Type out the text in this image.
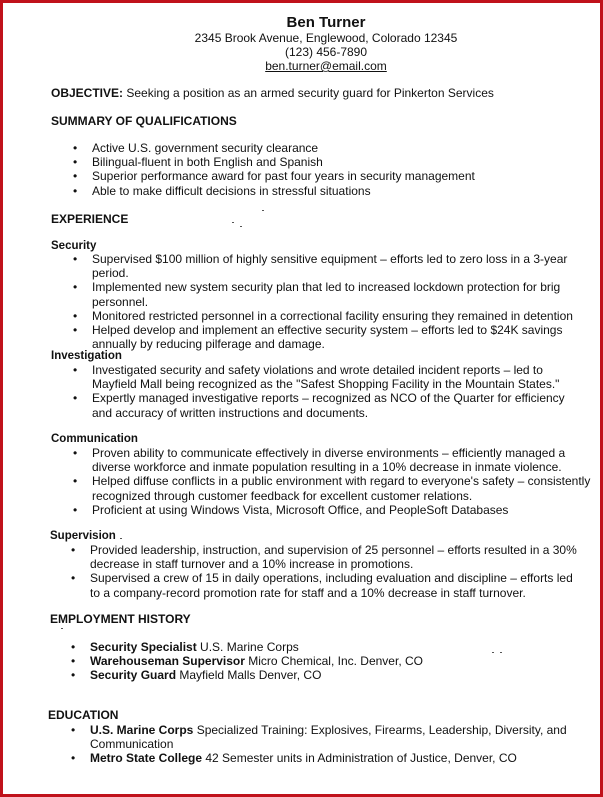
Ben Turner
2345 Brook Avenue, Englewood, Colorado 12345
(123) 456-7890
ben.turner@email.com
OBJECTIVE: Seeking a position as an armed security guard for Pinkerton Services
SUMMARY OF QUALIFICATIONS
• Active U.S. government security clearance
• Bilingual-fluent in both English and Spanish
• Superior performance award for past four years in security management
• Able to make difficult decisions in stressful situations
EXPERIENCE
Security
• Supervised $100 million of highly sensitive equipment – efforts led to zero loss in a 3-year period.
• Implemented new system security plan that led to increased lockdown protection for brig personnel.
• Monitored restricted personnel in a correctional facility ensuring they remained in detention
• Helped develop and implement an effective security system – efforts led to $24K savings annually by reducing pilferage and damage.
Investigation
• Investigated security and safety violations and wrote detailed incident reports – led to Mayfield Mall being recognized as the "Safest Shopping Facility in the Mountain States."
• Expertly managed investigative reports – recognized as NCO of the Quarter for efficiency and accuracy of written instructions and documents.
Communication
• Proven ability to communicate effectively in diverse environments – efficiently managed a diverse workforce and inmate population resulting in a 10% decrease in inmate violence.
• Helped diffuse conflicts in a public environment with regard to everyone's safety – consistently recognized through customer feedback for excellent customer relations.
• Proficient at using Windows Vista, Microsoft Office, and PeopleSoft Databases
Supervision
• Provided leadership, instruction, and supervision of 25 personnel – efforts resulted in a 30% decrease in staff turnover and a 10% increase in promotions.
• Supervised a crew of 15 in daily operations, including evaluation and discipline – efforts led to a company-record promotion rate for staff and a 10% decrease in staff turnover.
EMPLOYMENT HISTORY
• Security Specialist U.S. Marine Corps
• Warehouseman Supervisor Micro Chemical, Inc. Denver, CO
• Security Guard Mayfield Malls Denver, CO
EDUCATION
• U.S. Marine Corps Specialized Training: Explosives, Firearms, Leadership, Diversity, and Communication
• Metro State College 42 Semester units in Administration of Justice, Denver, CO
